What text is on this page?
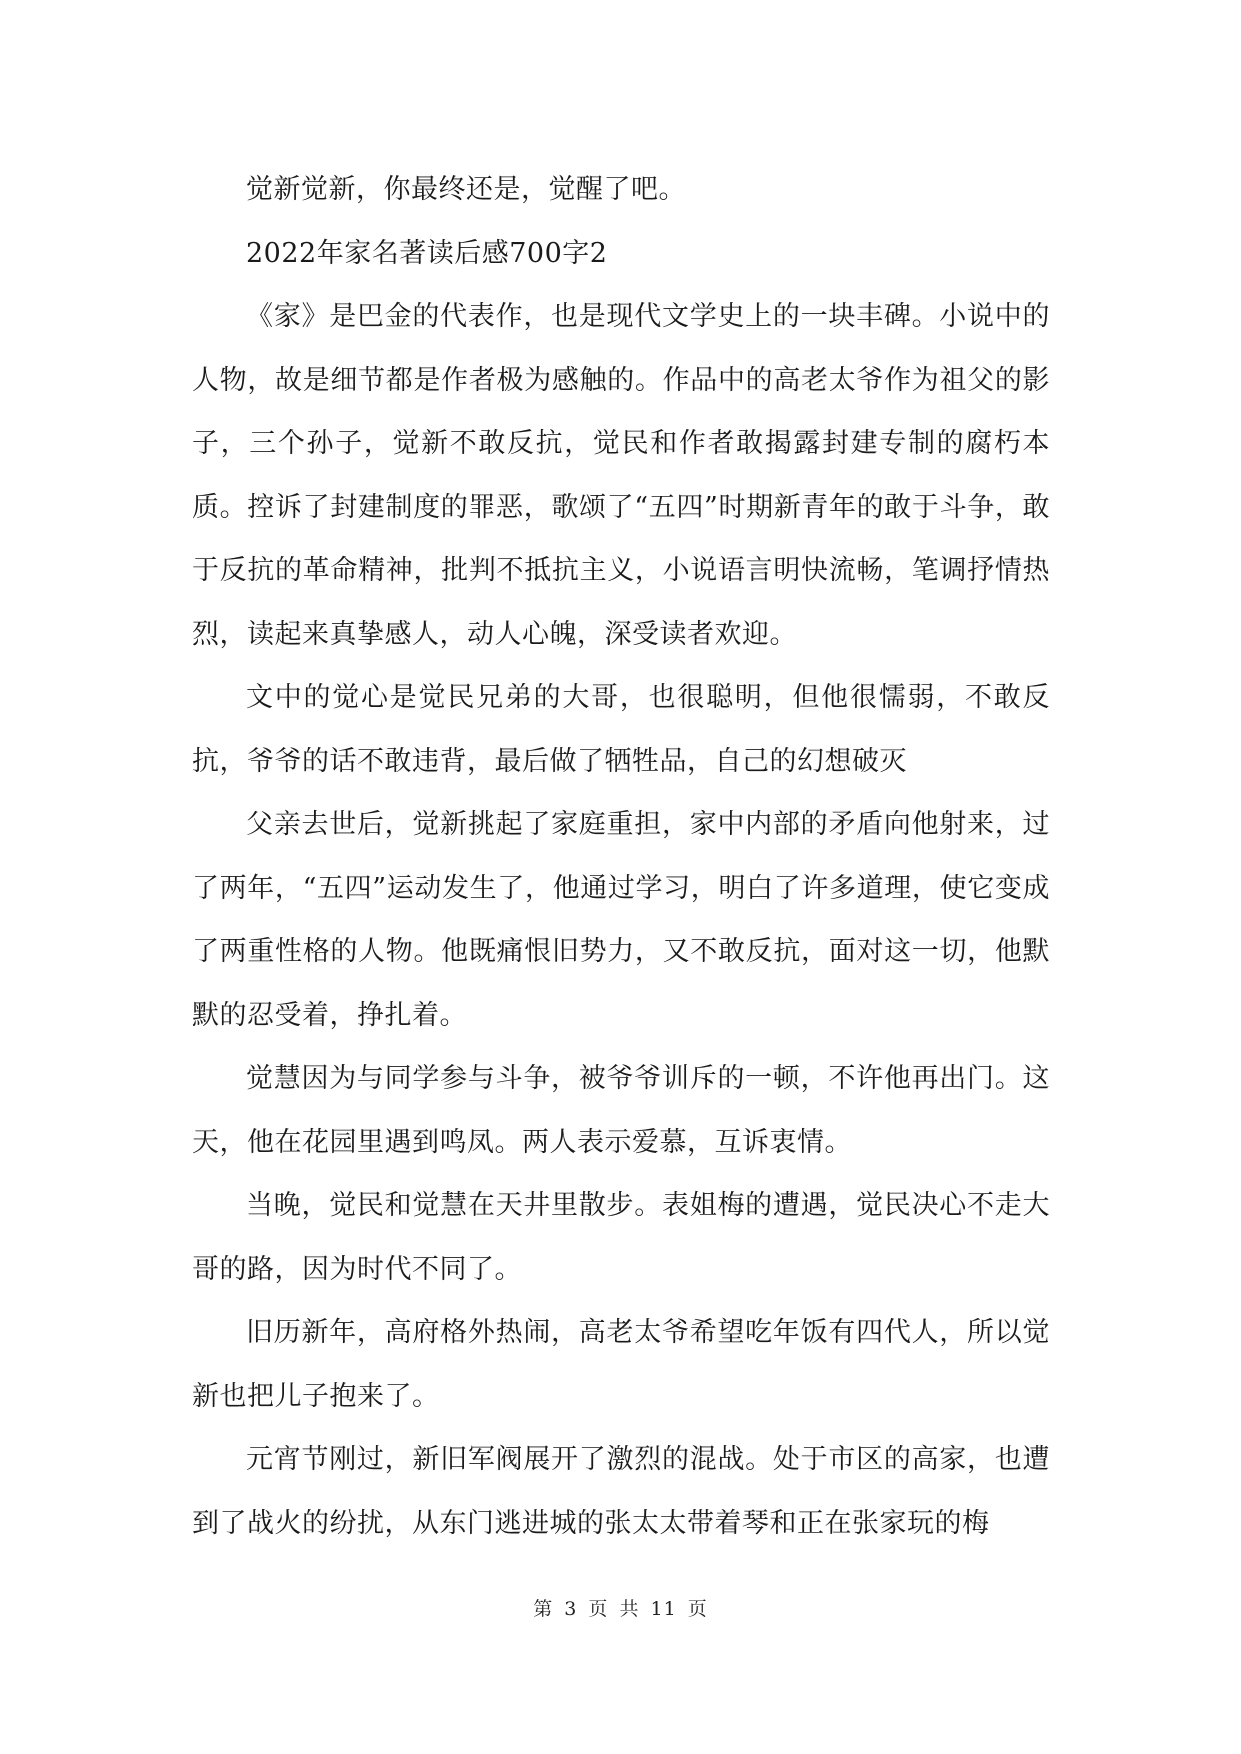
觉新觉新，你最终还是，觉醒了吧。

2022年家名著读后感700字2

《家》是巴金的代表作，也是现代文学史上的一块丰碑。小说中的人物，故是细节都是作者极为感触的。作品中的高老太爷作为祖父的影子，三个孙子，觉新不敢反抗，觉民和作者敢揭露封建专制的腐朽本质。控诉了封建制度的罪恶，歌颂了“五四”时期新青年的敢于斗争，敢于反抗的革命精神，批判不抵抗主义，小说语言明快流畅，笔调抒情热烈，读起来真挚感人，动人心魄，深受读者欢迎。

文中的觉心是觉民兄弟的大哥，也很聪明，但他很懦弱，不敢反抗，爷爷的话不敢违背，最后做了牺牲品，自己的幻想破灭

父亲去世后，觉新挑起了家庭重担，家中内部的矛盾向他射来，过了两年，“五四”运动发生了，他通过学习，明白了许多道理，使它变成了两重性格的人物。他既痛恨旧势力，又不敢反抗，面对这一切，他默默的忍受着，挣扎着。

觉慧因为与同学参与斗争，被爷爷训斥的一顿，不许他再出门。这天，他在花园里遇到鸣凤。两人表示爱慕，互诉衷情。

当晚，觉民和觉慧在天井里散步。表姐梅的遭遇，觉民决心不走大哥的路，因为时代不同了。

旧历新年，高府格外热闹，高老太爷希望吃年饭有四代人，所以觉新也把儿子抱来了。

元宵节刚过，新旧军阀展开了激烈的混战。处于市区的高家，也遭到了战火的纷扰，从东门逃进城的张太太带着琴和正在张家玩的梅

第 3 页 共 11 页
